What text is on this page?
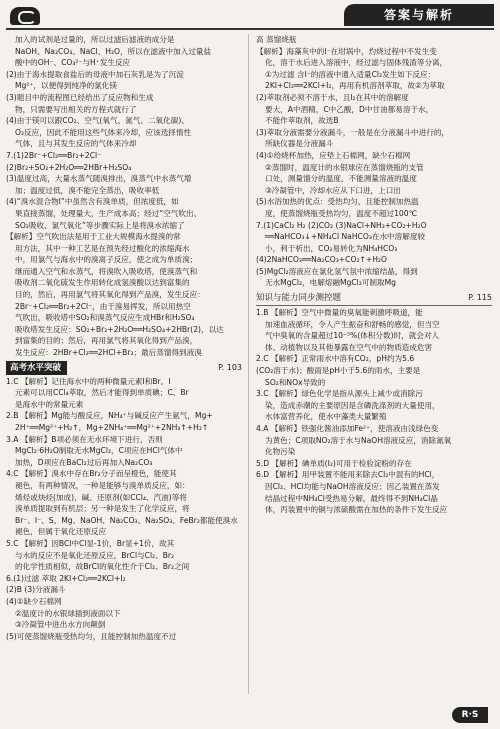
答案与解析

加入的试剂是过量的，所以过滤后滤液的成分是

NaOH、Na₂CO₃、NaCl、H₂O，所以在滤液中加入过量盐

酸中的OH⁻、CO₃²⁻与H⁺发生反应

(2)由于海水提取食盐后的母液中加石灰乳是为了沉淀

Mg²⁺，以便得到纯净的氯化镁

(3)题目中的流程图已经给出了反应物和生成

物，只需要写出相关的方程式就行了

(4)由于镁可以跟CO₂、空气(氧气、氮气、二氧化碳)、

O₂反应，因此不能用这些气体来冷却，应该选择惰性

气体，且与其发生反应的气体来冷却

7.(1)2Br⁻+Cl₂══Br₂+2Cl⁻

(2)Br₂+SO₂+2H₂O══2HBr+H₂SO₄

(3)温度过高，大量水蒸气随溴排出，溴蒸气中水蒸气增

加；温度过低，溴不能完全蒸出，吸收率低

(4)“溴水混合物Ⅰ”中虽然含有溴单质，但浓度低，如

果直接蒸馏，处理量大，生产成本高；经过“空气吹出、

SO₂吸收、氯气氧化”等步骤实际上是将溴水浓缩了

【解析】空气吹出法是用于工业大规模海水提溴的常

用方法，其中一种工艺是在预先经过酸化的浓缩海水

中，用氯气与海水中的溴离子反应，使之成为单质溴；

继而通入空气和水蒸气，将溴吹入吸收塔，使溴蒸气和

吸收剂二氧化硫发生作用转化成氢溴酸以达到富集的

目的，然后，再用氯气将其氧化得到产品溴，发生反应：

2Br⁻+Cl₂══Br₂+2Cl⁻，由于溴易挥发，所以用热空

气吹出，吸收塔中SO₂和溴蒸气反应生成HBr和H₂SO₄

吸收塔发生反应：SO₂+Br₂+2H₂O══H₂SO₄+2HBr(2)，以达

到富集的目的；然后，再用氯气将其氧化得到产品溴，

发生反应：2HBr+Cl₂══2HCl+Br₂；最后蒸馏得到液溴

高考水平突破	P. 103

1.C 【解析】记住海水中的两种微量元素I和Br。I

元素可以用CCl₄萃取，然后才能得到单质碘；C、Br

是海水中的常量元素

2.B 【解析】Mg能与酸反应，NH₄⁺与碱反应产生氨气，Mg+

2H⁺══Mg²⁺+H₂↑，Mg+2NH₄⁺══Mg²⁺+2NH₃↑+H₂↑

3.A 【解析】B项必须在无水环境下进行，否则

MgCl₂·6H₂O制取无水MgCl₂，C项应在HCl气体中

加热，D项应在BaCl₂过后再加入Na₂CO₃

4.C 【解析】溴水中存在Br₂分子而呈橙色，能使其

褪色，有两种情况，一种是能够与溴单质反应，如：

烯烃或炔烃(加成)，碱、还原剂(如CCl₄、汽油)等将

溴单质提取到有机层；另一种是发生了化学反应，将

Br⁻、I⁻、S、Mg、NaOH、Na₂CO₃、Na₂SO₃、FeBr₂都能使溴水

褪色，但属于氧化还原反应

5.C 【解析】因BCl中Cl显-1价，Br显+1价，故其

与水的反应不是氧化还原反应，BrCl与Cl₂、Br₂

的化学性质相似，故BrCl的氧化性介于Cl₂、Br₂之间

6.(1)过滤 萃取 2KI+Cl₂══2KCl+I₂

(2)B (3)分液漏斗

(4)①缺少石棉网

②温度计的水银球插到液面以下

③冷凝管中进出水方向颠倒

(5)可使蒸馏烧瓶受热均匀，且能控制加热温度不过

高 蒸馏烧瓶

【解析】海藻灰中的I⁻在坩埚中，灼烧过程中不发生变

化，溶于水后进入溶液中，经过滤与固体残渣等分离，

①为过滤 含I⁻的溶液中通入适量Cl₂发生如下反应：

2KI+Cl₂══2KCl+I₂，再用有机溶剂萃取，故②为萃取

(2)萃取剂必须不溶于水，且I₂在其中的溶解度

要大，A中酒精，C中乙酸，D中甘油都易溶于水，

不能作萃取剂，故选B

(3)萃取分液需要分液漏斗，一般是在分液漏斗中进行的，

所缺仪器是分液漏斗

(4)①给烧杯加热，应垫上石棉网，缺少石棉网

②蒸馏时，温度计的水银球应在蒸馏烧瓶的支管

口处，测量馏分的温度，不能测量溶液的温度

③冷凝管中，冷却水应从下口进，上口出

(5)水浴加热的优点：受热均匀，且能控制加热温

度，使蒸馏烧瓶受热均匀，温度不超过100℃

7.(1)CaCl₂ H₂ (2)CO₂ (3)NaCl+NH₃+CO₂+H₂O

══NaHCO₃↓+NH₄Cl NaHCO₃在水中溶解度较

小，利于析出，CO₂易转化为NH₄HCO₃

(4)2NaHCO₃══Na₂CO₃+CO₂↑+H₂O

(5)MgCl₂溶液应在氯化氢气氛中浓缩结晶，得到

无水MgCl₂，电解熔融MgCl₂可制取Mg

知识与能力同步测控题	P. 115

1.B 【解析】空气中微量的臭氧能刺激呼吸道，能

加速血液循环，令人产生振奋和舒畅的感觉，但当空

气中臭氧的含量超过10⁻⁵%(体积分数)时，就会对人

体、动植物以及其他暴露在空气中的物质造成危害

2.C 【解析】正常雨水中溶有CO₂，pH约为5.6

(CO₂溶于水)；酸雨是pH小于5.6的雨水，主要是

SO₂和NOx导致的

3.C 【解析】绿色化学是指从源头上减少或消除污

染，造成赤潮的主要原因是含磷洗涤剂的大量使用，

水体富营养化，使水中藻类大量繁殖

4.A 【解析】铁强化酱油添加Fe²⁺，使溶液由浅绿色变

为黄色；C项取NO₂溶于水与NaOH溶液反应，消除氮氧

化物污染

5.D 【解析】碘单质(I₂)可用于检验淀粉的存在

6.D 【解析】用甲装置不能用来除去Cl₂中混有的HCl，

因Cl₂、HCl均能与NaOH溶液反应；因乙装置在蒸发

结晶过程中NH₄Cl受热易分解，最终得不到NH₄Cl晶

体，丙装置中的铜与浓硫酸需在加热的条件下发生反应

R·S
